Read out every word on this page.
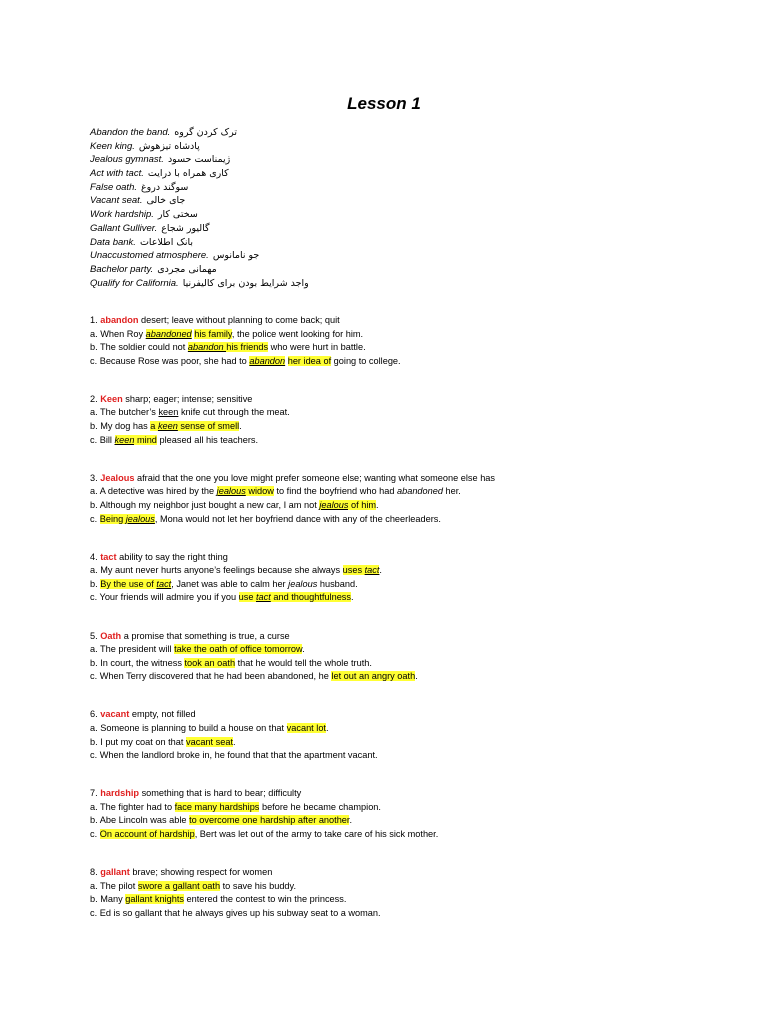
Lesson 1
Abandon the band. ترک کردن گروه
Keen king. پادشاه تیزهوش
Jealous gymnast. ژیمناست حسود
Act with tact. کاری همراه با درایت
False oath. سوگند دروغ
Vacant seat. جای خالی
Work hardship. سختی کار
Gallant Gulliver. گالیور شجاع
Data bank. بانک اطلاعات
Unaccustomed atmosphere. جو نامانوس
Bachelor party. مهمانی مجردی
Qualify for California. واجد شرایط بودن برای کالیفرنیا
1. abandon desert; leave without planning to come back; quit
a. When Roy abandoned his family, the police went looking for him.
b. The soldier could not abandon his friends who were hurt in battle.
c. Because Rose was poor, she had to abandon her idea of going to college.
2. Keen sharp; eager; intense; sensitive
a. The butcher’s keen knife cut through the meat.
b. My dog has a keen sense of smell.
c. Bill keen mind pleased all his teachers.
3. Jealous afraid that the one you love might prefer someone else; wanting what someone else has
a. A detective was hired by the jealous widow to find the boyfriend who had abandoned her.
b. Although my neighbor just bought a new car, I am not jealous of him.
c. Being jealous, Mona would not let her boyfriend dance with any of the cheerleaders.
4. tact ability to say the right thing
a. My aunt never hurts anyone’s feelings because she always uses tact.
b. By the use of tact, Janet was able to calm her jealous husband.
c. Your friends will admire you if you use tact and thoughtfulness.
5. Oath a promise that something is true, a curse
a. The president will take the oath of office tomorrow.
b. In court, the witness took an oath that he would tell the whole truth.
c. When Terry discovered that he had been abandoned, he let out an angry oath.
6. vacant empty, not filled
a. Someone is planning to build a house on that vacant lot.
b. I put my coat on that vacant seat.
c. When the landlord broke in, he found that that the apartment vacant.
7. hardship something that is hard to bear; difficulty
a. The fighter had to face many hardships before he became champion.
b. Abe Lincoln was able to overcome one hardship after another.
c. On account of hardship, Bert was let out of the army to take care of his sick mother.
8. gallant brave; showing respect for women
a. The pilot swore a gallant oath to save his buddy.
b. Many gallant knights entered the contest to win the princess.
c. Ed is so gallant that he always gives up his subway seat to a woman.
